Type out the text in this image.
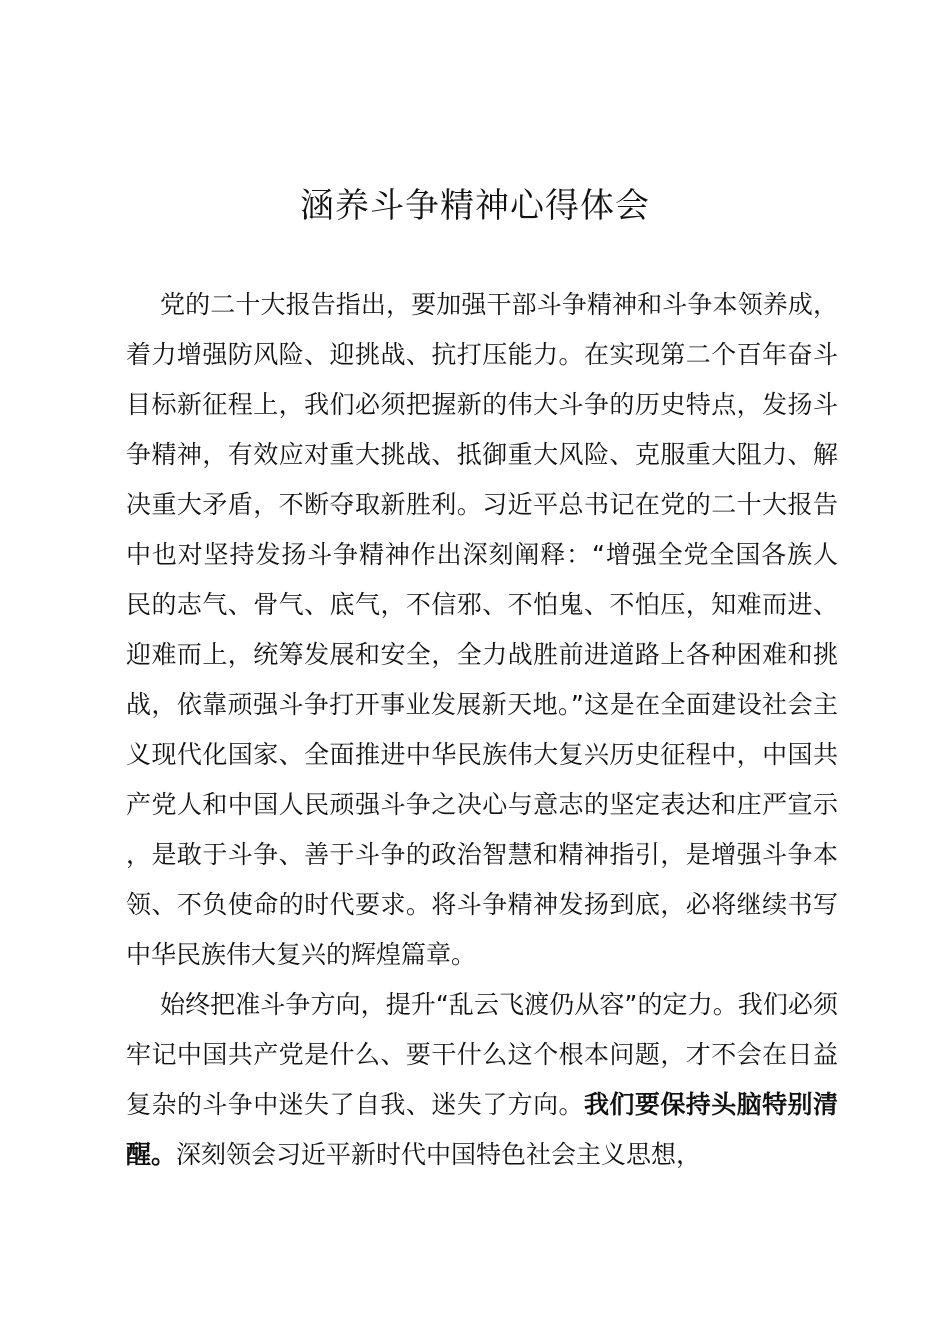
涵养斗争精神心得体会

党的二十大报告指出，要加强干部斗争精神和斗争本领养成，着力增强防风险、迎挑战、抗打压能力。在实现第二个百年奋斗目标新征程上，我们必须把握新的伟大斗争的历史特点，发扬斗争精神，有效应对重大挑战、抵御重大风险、克服重大阻力、解决重大矛盾，不断夺取新胜利。习近平总书记在党的二十大报告中也对坚持发扬斗争精神作出深刻阐释：“增强全党全国各族人民的志气、骨气、底气，不信邪、不怕鬼、不怕压，知难而进、迎难而上，统筹发展和安全，全力战胜前进道路上各种困难和挑战，依靠顽强斗争打开事业发展新天地。”这是在全面建设社会主义现代化国家、全面推进中华民族伟大复兴历史征程中，中国共产党人和中国人民顽强斗争之决心与意志的坚定表达和庄严宣示，是敢于斗争、善于斗争的政治智慧和精神指引，是增强斗争本领、不负使命的时代要求。将斗争精神发扬到底，必将继续书写中华民族伟大复兴的辉煌篇章。

始终把准斗争方向，提升“乱云飞渡仍从容”的定力。我们必须牢记中国共产党是什么、要干什么这个根本问题，才不会在日益复杂的斗争中迷失了自我、迷失了方向。我们要保持头脑特别清醒。深刻领会习近平新时代中国特色社会主义思想，
